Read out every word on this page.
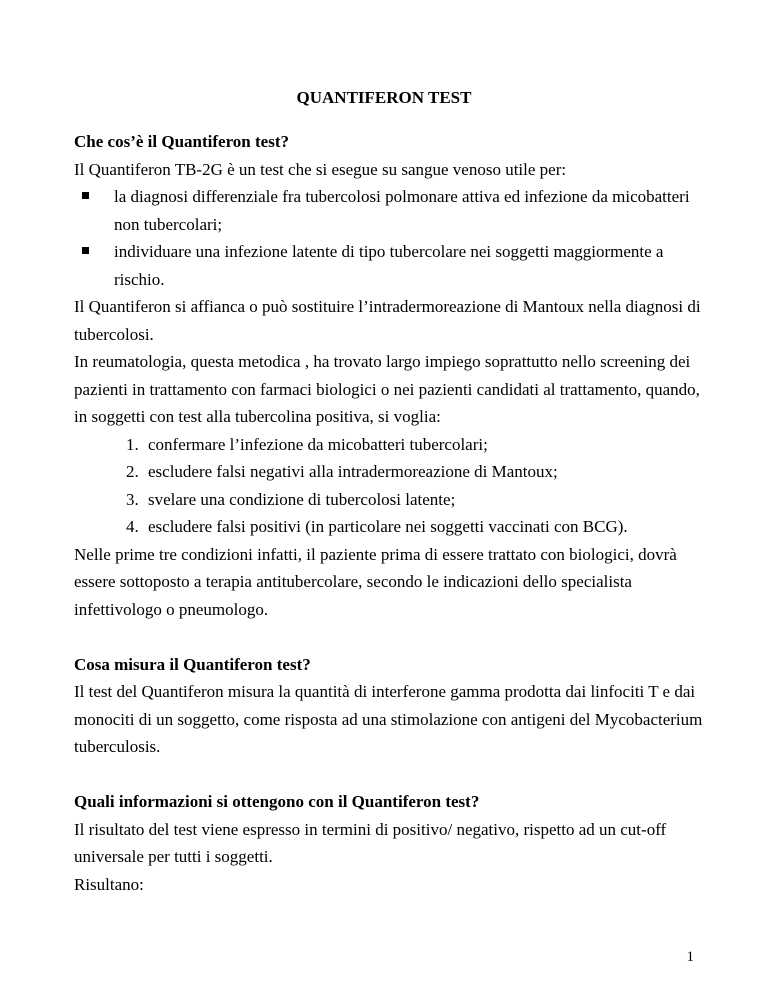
QUANTIFERON TEST

Che cos’è il Quantiferon test?

Il Quantiferon TB-2G è un test che si esegue su sangue venoso utile per:

la diagnosi differenziale fra tubercolosi polmonare attiva ed infezione da micobatteri non tubercolari;
individuare una infezione latente di tipo tubercolare nei soggetti maggiormente a rischio.

Il Quantiferon si affianca o può sostituire l’intradermoreazione di Mantoux nella diagnosi di tubercolosi.

In reumatologia, questa metodica , ha trovato largo impiego soprattutto nello screening dei pazienti in trattamento con farmaci biologici o nei pazienti candidati al trattamento, quando, in soggetti con test alla tubercolina positiva, si voglia:

1. confermare l’infezione da micobatteri tubercolari;
2. escludere falsi negativi alla intradermoreazione di Mantoux;
3. svelare una condizione di tubercolosi latente;
4. escludere falsi positivi (in particolare nei soggetti vaccinati con BCG).

Nelle prime tre condizioni infatti, il paziente prima di essere trattato con biologici, dovrà essere sottoposto a terapia antitubercolare, secondo le indicazioni dello specialista infettivologo o pneumologo.

Cosa misura il Quantiferon test?

Il test del Quantiferon misura la quantità di interferone gamma prodotta dai linfociti T e dai monociti di un soggetto, come risposta ad una stimolazione con antigeni del Mycobacterium tuberculosis.

Quali informazioni si ottengono con il Quantiferon test?

Il risultato del test viene espresso in termini di positivo/ negativo, rispetto ad un cut-off universale per tutti i soggetti.

Risultano:

1
